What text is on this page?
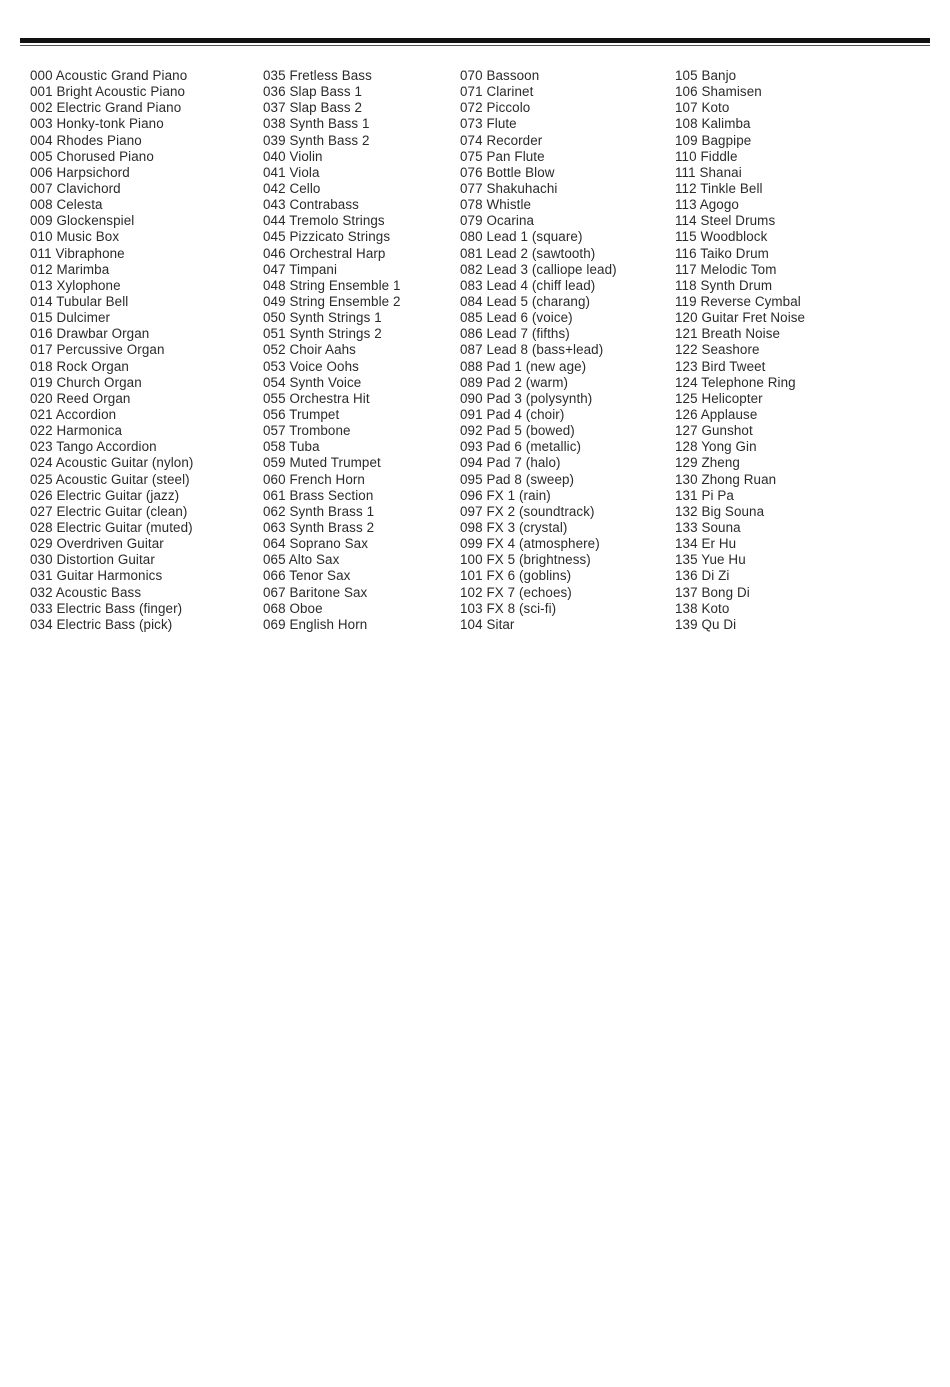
000 Acoustic Grand Piano
001 Bright Acoustic Piano
002 Electric Grand Piano
003 Honky-tonk Piano
004 Rhodes Piano
005 Chorused Piano
006 Harpsichord
007 Clavichord
008 Celesta
009 Glockenspiel
010 Music Box
011 Vibraphone
012 Marimba
013 Xylophone
014 Tubular Bell
015 Dulcimer
016 Drawbar Organ
017 Percussive Organ
018 Rock Organ
019 Church Organ
020 Reed Organ
021 Accordion
022 Harmonica
023 Tango Accordion
024 Acoustic Guitar (nylon)
025 Acoustic Guitar (steel)
026 Electric Guitar (jazz)
027 Electric Guitar (clean)
028 Electric Guitar (muted)
029 Overdriven Guitar
030 Distortion Guitar
031 Guitar Harmonics
032 Acoustic Bass
033 Electric Bass (finger)
034 Electric Bass (pick)
035 Fretless Bass
036 Slap Bass 1
037 Slap Bass 2
038 Synth Bass 1
039 Synth Bass 2
040 Violin
041 Viola
042 Cello
043 Contrabass
044 Tremolo Strings
045 Pizzicato Strings
046 Orchestral Harp
047 Timpani
048 String Ensemble 1
049 String Ensemble 2
050 Synth Strings 1
051 Synth Strings 2
052 Choir Aahs
053 Voice Oohs
054 Synth Voice
055 Orchestra Hit
056 Trumpet
057 Trombone
058 Tuba
059 Muted Trumpet
060 French Horn
061 Brass Section
062 Synth Brass 1
063 Synth Brass 2
064 Soprano Sax
065 Alto Sax
066 Tenor Sax
067 Baritone Sax
068 Oboe
069 English Horn
070 Bassoon
071 Clarinet
072 Piccolo
073 Flute
074 Recorder
075 Pan Flute
076 Bottle Blow
077 Shakuhachi
078 Whistle
079 Ocarina
080 Lead 1 (square)
081 Lead 2 (sawtooth)
082 Lead 3 (calliope lead)
083 Lead 4 (chiff lead)
084 Lead 5 (charang)
085 Lead 6 (voice)
086 Lead 7 (fifths)
087 Lead 8 (bass+lead)
088 Pad 1 (new age)
089 Pad 2 (warm)
090 Pad 3 (polysynth)
091 Pad 4 (choir)
092 Pad 5 (bowed)
093 Pad 6 (metallic)
094 Pad 7 (halo)
095 Pad 8 (sweep)
096 FX 1 (rain)
097 FX 2 (soundtrack)
098 FX 3 (crystal)
099 FX 4 (atmosphere)
100 FX 5 (brightness)
101 FX 6 (goblins)
102 FX 7 (echoes)
103 FX 8 (sci-fi)
104 Sitar
105 Banjo
106 Shamisen
107 Koto
108 Kalimba
109 Bagpipe
110 Fiddle
111 Shanai
112 Tinkle Bell
113 Agogo
114 Steel Drums
115 Woodblock
116 Taiko Drum
117 Melodic Tom
118 Synth Drum
119 Reverse Cymbal
120 Guitar Fret Noise
121 Breath Noise
122 Seashore
123 Bird Tweet
124 Telephone Ring
125 Helicopter
126 Applause
127 Gunshot
128 Yong Gin
129 Zheng
130 Zhong Ruan
131 Pi Pa
132 Big Souna
133 Souna
134 Er Hu
135 Yue Hu
136 Di Zi
137 Bong Di
138 Koto
139 Qu Di
